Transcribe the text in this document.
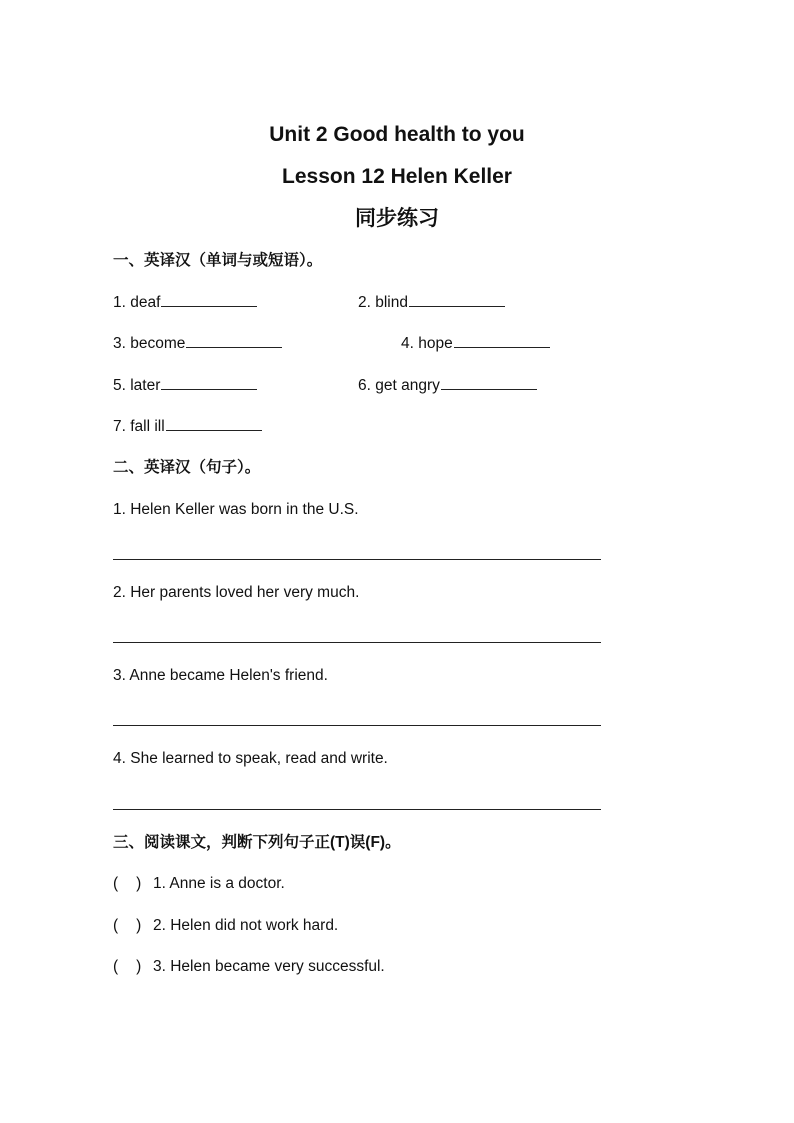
Unit 2 Good health to you
Lesson 12 Helen Keller
同步练习
一、英译汉（单词与或短语）。
1. deaf	2. blind
3. become	4. hope
5. later	6. get angry
7. fall ill
二、英译汉（句子）。
1. Helen Keller was born in the U.S.
2. Her parents loved her very much.
3. Anne became Helen's friend.
4. She learned to speak, read and write.
三、阅读课文，判断下列句子正(T)误(F)。
( ) 1. Anne is a doctor.
( ) 2. Helen did not work hard.
( ) 3. Helen became very successful.
